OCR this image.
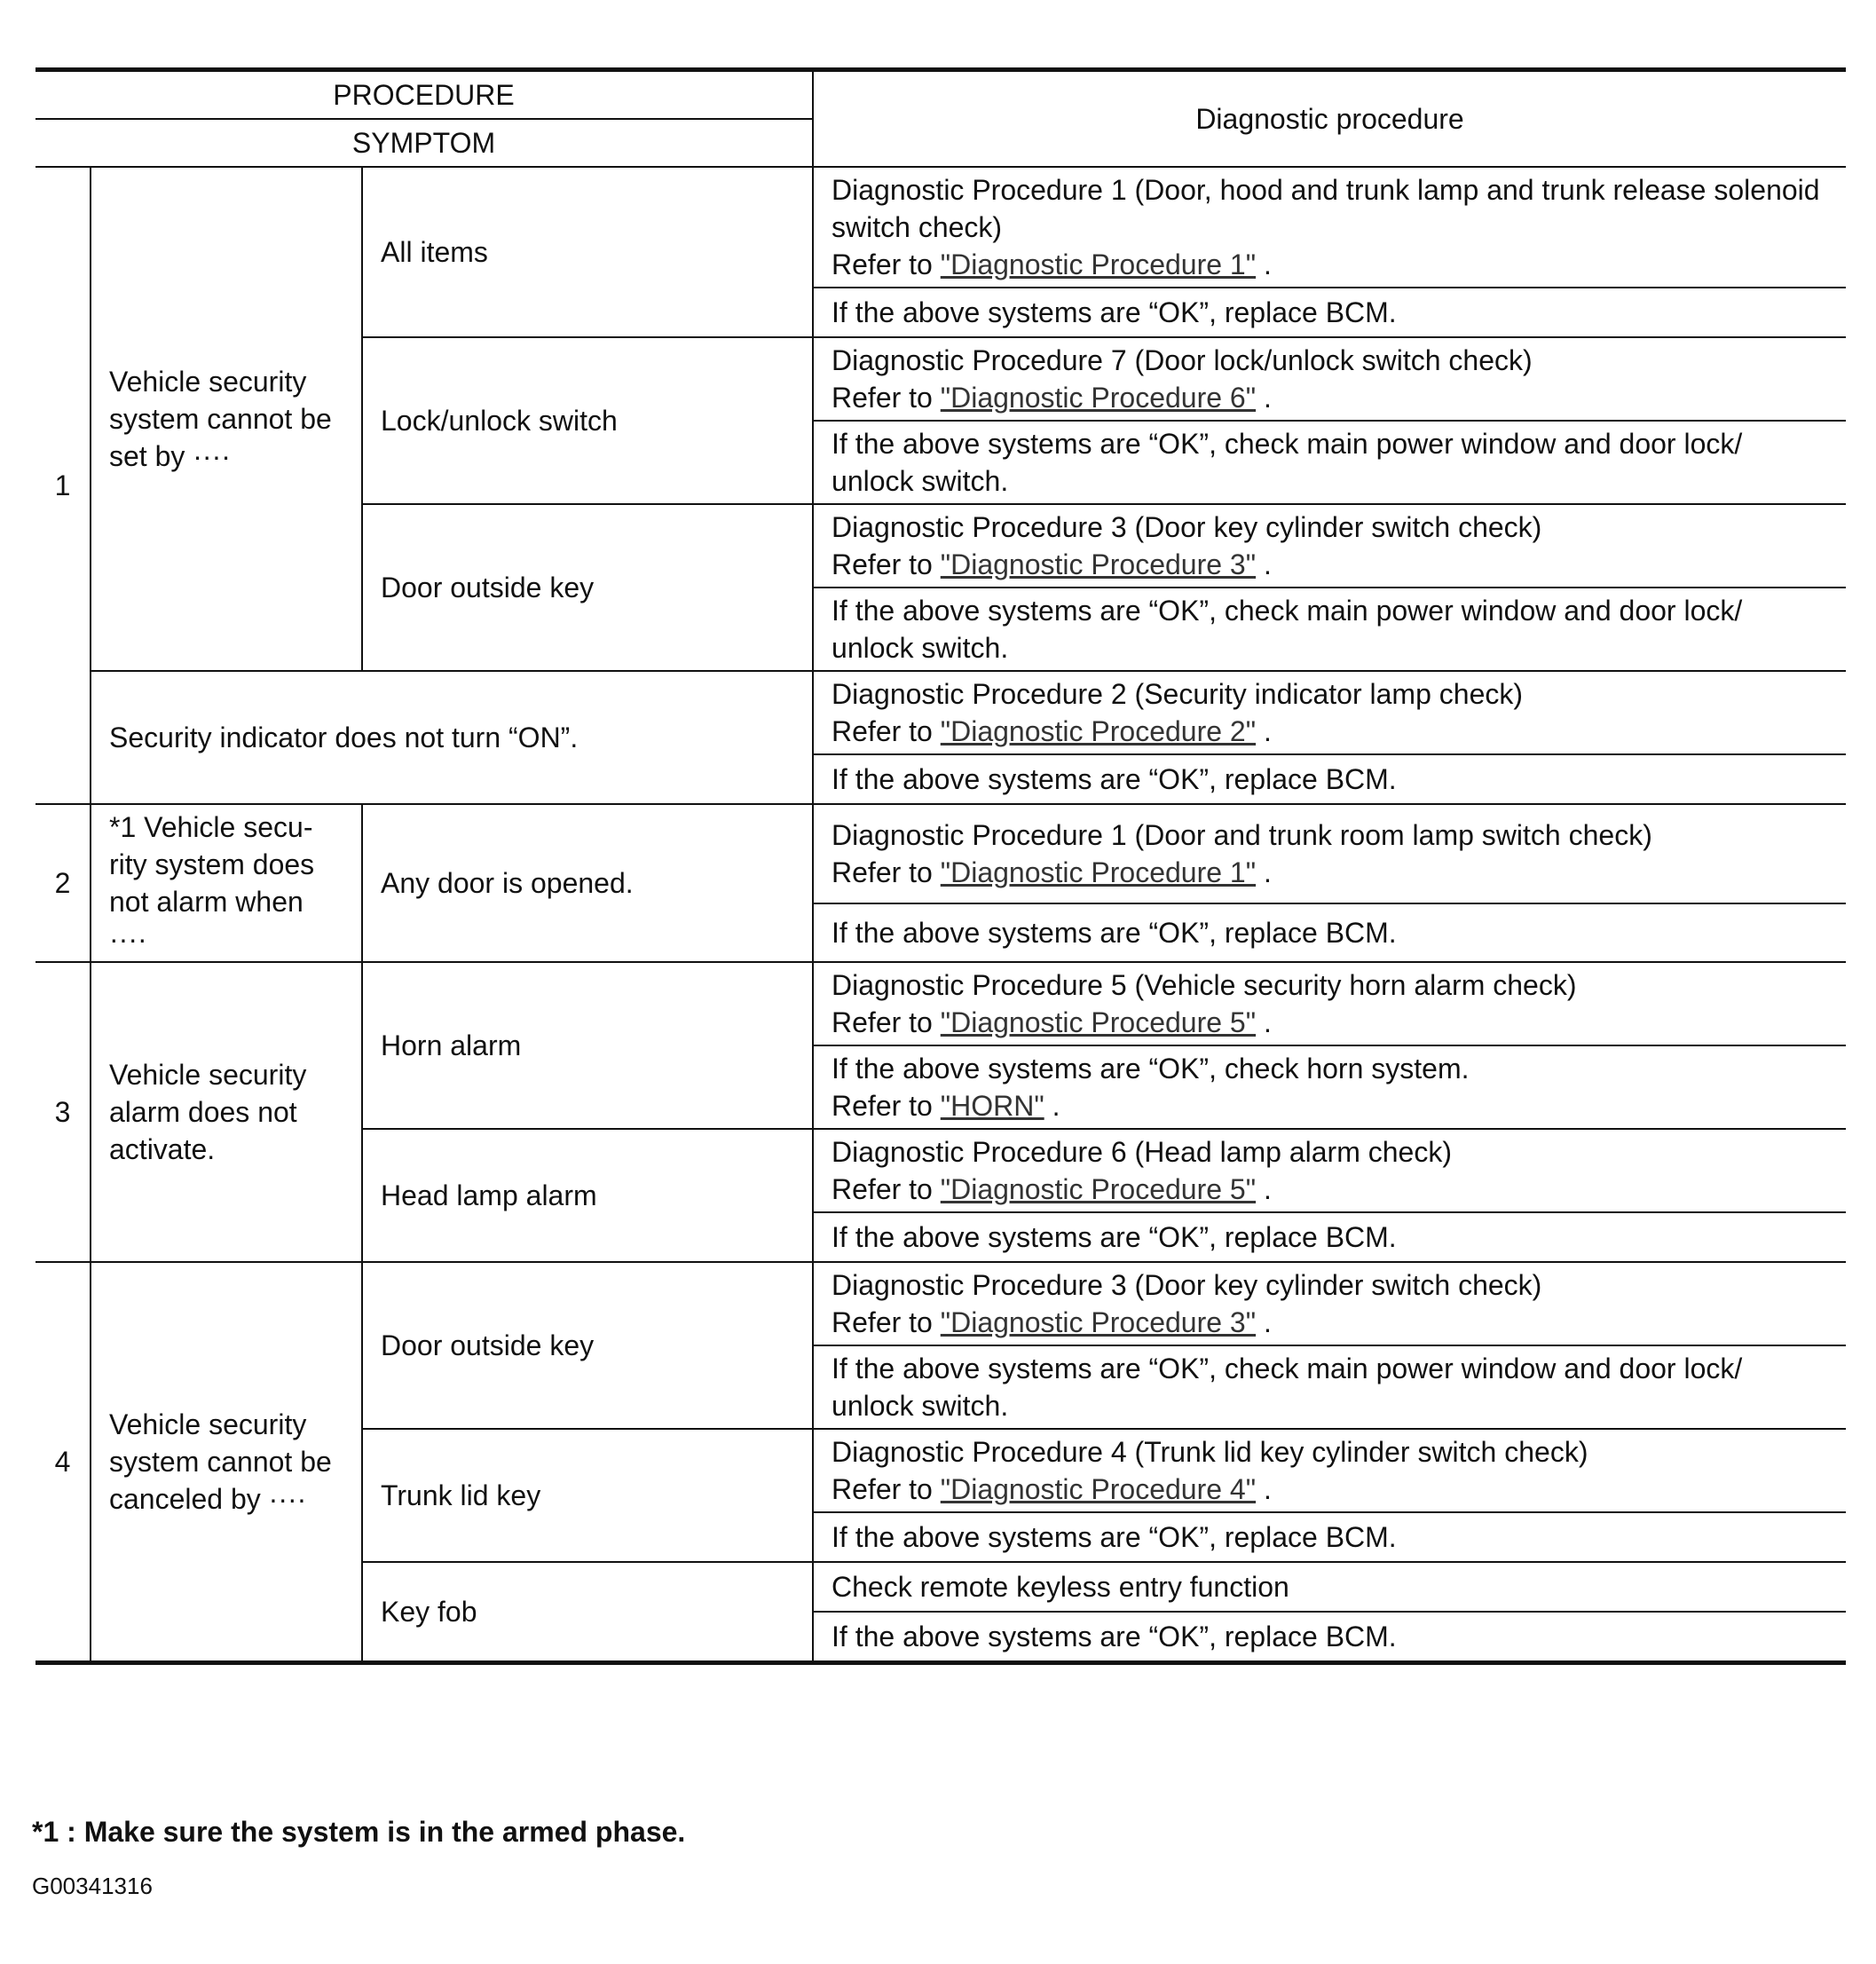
PROCEDURE			Diagnostic procedure
SYMPTOM			
1	Vehicle security system cannot be set by ····	All items	Diagnostic Procedure 1 (Door, hood and trunk lamp and trunk release solenoid switch check)
Refer to "Diagnostic Procedure 1" .

			If the above systems are “OK”, replace BCM.
		Lock/unlock switch	Diagnostic Procedure 7 (Door lock/unlock switch check)
Refer to "Diagnostic Procedure 6" .

			If the above systems are “OK”, check main power window and door lock/ unlock switch.
		Door outside key	Diagnostic Procedure 3 (Door key cylinder switch check)
Refer to "Diagnostic Procedure 3" .

			If the above systems are “OK”, check main power window and door lock/ unlock switch.
	Security indicator does not turn “ON”.		Diagnostic Procedure 2 (Security indicator lamp check)
Refer to "Diagnostic Procedure 2" .

			If the above systems are “OK”, replace BCM.
2	*1 Vehicle secu- rity system does not alarm when ····	Any door is opened.	Diagnostic Procedure 1 (Door and trunk room lamp switch check)
Refer to "Diagnostic Procedure 1" .

			If the above systems are “OK”, replace BCM.
3	Vehicle security alarm does not activate.	Horn alarm	Diagnostic Procedure 5 (Vehicle security horn alarm check)
Refer to "Diagnostic Procedure 5" .

			If the above systems are “OK”, check horn system.
Refer to "HORN" .

		Head lamp alarm	Diagnostic Procedure 6 (Head lamp alarm check)
Refer to "Diagnostic Procedure 5" .

			If the above systems are “OK”, replace BCM.
4	Vehicle security system cannot be canceled by ····	Door outside key	Diagnostic Procedure 3 (Door key cylinder switch check)
Refer to "Diagnostic Procedure 3" .

			If the above systems are “OK”, check main power window and door lock/ unlock switch.
		Trunk lid key	Diagnostic Procedure 4 (Trunk lid key cylinder switch check)
Refer to "Diagnostic Procedure 4" .

			If the above systems are “OK”, replace BCM.
		Key fob	Check remote keyless entry function
			If the above systems are “OK”, replace BCM.
*1 : Make sure the system is in the armed phase.
G00341316
